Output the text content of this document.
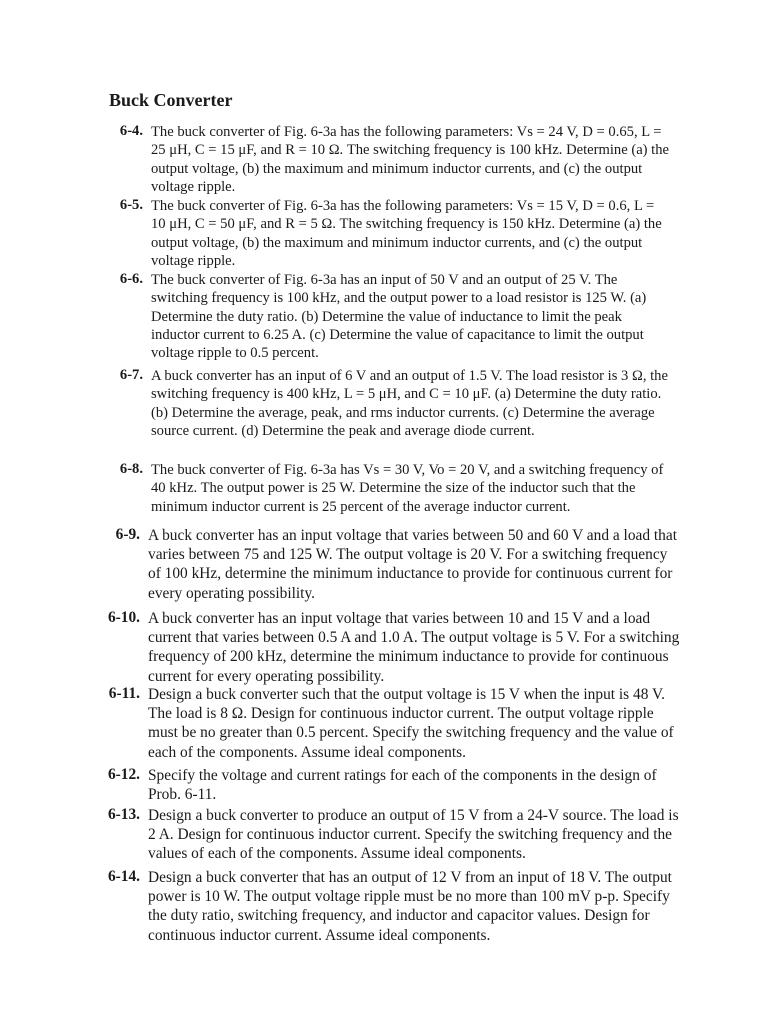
Buck Converter
6-4. The buck converter of Fig. 6-3a has the following parameters: Vs = 24 V, D = 0.65, L = 25 μH, C = 15 μF, and R = 10 Ω. The switching frequency is 100 kHz. Determine (a) the output voltage, (b) the maximum and minimum inductor currents, and (c) the output voltage ripple.
6-5. The buck converter of Fig. 6-3a has the following parameters: Vs = 15 V, D = 0.6, L = 10 μH, C = 50 μF, and R = 5 Ω. The switching frequency is 150 kHz. Determine (a) the output voltage, (b) the maximum and minimum inductor currents, and (c) the output voltage ripple.
6-6. The buck converter of Fig. 6-3a has an input of 50 V and an output of 25 V. The switching frequency is 100 kHz, and the output power to a load resistor is 125 W. (a) Determine the duty ratio. (b) Determine the value of inductance to limit the peak inductor current to 6.25 A. (c) Determine the value of capacitance to limit the output voltage ripple to 0.5 percent.
6-7. A buck converter has an input of 6 V and an output of 1.5 V. The load resistor is 3 Ω, the switching frequency is 400 kHz, L = 5 μH, and C = 10 μF. (a) Determine the duty ratio. (b) Determine the average, peak, and rms inductor currents. (c) Determine the average source current. (d) Determine the peak and average diode current.
6-8. The buck converter of Fig. 6-3a has Vs = 30 V, Vo = 20 V, and a switching frequency of 40 kHz. The output power is 25 W. Determine the size of the inductor such that the minimum inductor current is 25 percent of the average inductor current.
6-9. A buck converter has an input voltage that varies between 50 and 60 V and a load that varies between 75 and 125 W. The output voltage is 20 V. For a switching frequency of 100 kHz, determine the minimum inductance to provide for continuous current for every operating possibility.
6-10. A buck converter has an input voltage that varies between 10 and 15 V and a load current that varies between 0.5 A and 1.0 A. The output voltage is 5 V. For a switching frequency of 200 kHz, determine the minimum inductance to provide for continuous current for every operating possibility.
6-11. Design a buck converter such that the output voltage is 15 V when the input is 48 V. The load is 8 Ω. Design for continuous inductor current. The output voltage ripple must be no greater than 0.5 percent. Specify the switching frequency and the value of each of the components. Assume ideal components.
6-12. Specify the voltage and current ratings for each of the components in the design of Prob. 6-11.
6-13. Design a buck converter to produce an output of 15 V from a 24-V source. The load is 2 A. Design for continuous inductor current. Specify the switching frequency and the values of each of the components. Assume ideal components.
6-14. Design a buck converter that has an output of 12 V from an input of 18 V. The output power is 10 W. The output voltage ripple must be no more than 100 mV p-p. Specify the duty ratio, switching frequency, and inductor and capacitor values. Design for continuous inductor current. Assume ideal components.
